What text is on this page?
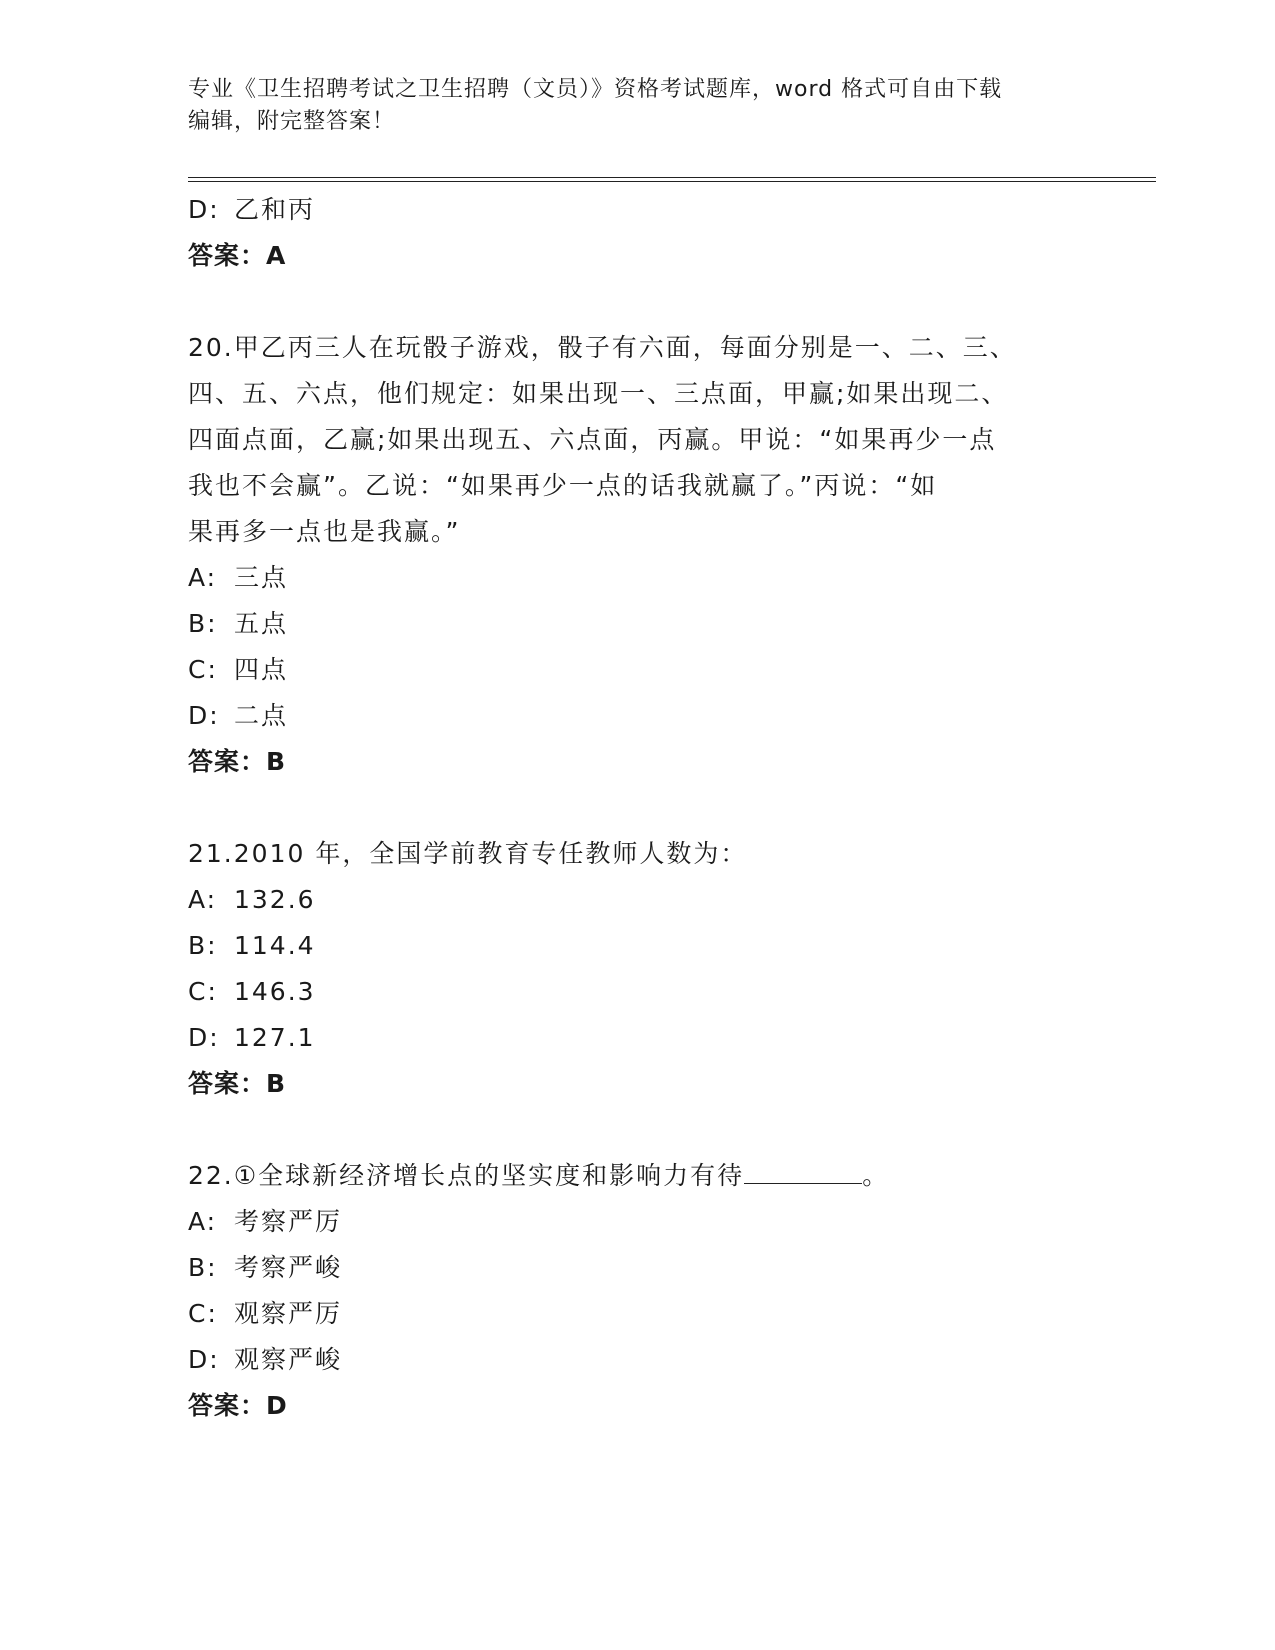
专业《卫生招聘考试之卫生招聘（文员）》资格考试题库，word 格式可自由下载
编辑，附完整答案！
D: 乙和丙
答案：A
20.甲乙丙三人在玩骰子游戏，骰子有六面，每面分别是一、二、三、
四、五、六点，他们规定：如果出现一、三点面，甲赢;如果出现二、
四面点面，乙赢;如果出现五、六点面，丙赢。甲说：“如果再少一点
我也不会赢”。乙说：“如果再少一点的话我就赢了。”丙说：“如
果再多一点也是我赢。”
A: 三点
B: 五点
C: 四点
D: 二点
答案：B
21.2010 年，全国学前教育专任教师人数为：
A: 132.6
B: 114.4
C: 146.3
D: 127.1
答案：B
22.①全球新经济增长点的坚实度和影响力有待	。
A: 考察严厉
B: 考察严峻
C: 观察严厉
D: 观察严峻
答案：D
